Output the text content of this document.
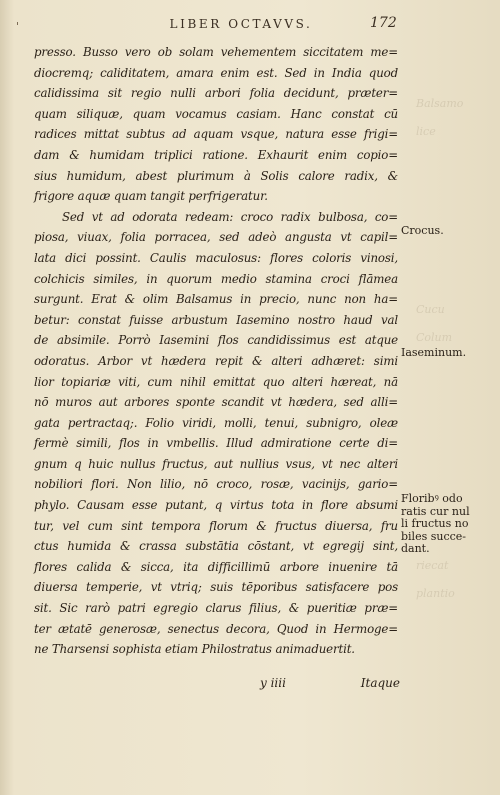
Balsamo
lice
Cucu
Colum
riecat
plantio
'	LIBER OCTAVVS.	172
presso. Busso vero ob solam vehementem siccitatem me=
diocremq; caliditatem, amara enim est. Sed in India quod
calidissima sit regio nulli arbori folia decidunt, præter=
quam siliquæ, quam vocamus casiam. Hanc constat cū
radices mittat subtus ad aquam vsque, natura esse frigi=
dam & humidam triplici ratione. Exhaurit enim copio=
sius humidum, abest plurimum à Solis calore radix, &
frigore aquæ quam tangit perfrigeratur.
Sed vt ad odorata redeam: croco radix bulbosa, co=
piosa, viuax, folia porracea, sed adeò angusta vt capil=
lata dici possint. Caulis maculosus: flores coloris vinosi,
colchicis similes, in quorum medio stamina croci flāmea
surgunt. Erat & olim Balsamus in precio, nunc non ha=
betur: constat fuisse arbustum Iasemino nostro haud val
de absimile. Porrò Iasemini flos candidissimus est atque
odoratus. Arbor vt hædera repit & alteri adhæret: simi
lior topiariæ viti, cum nihil emittat quo alteri hæreat, nā
nō muros aut arbores sponte scandit vt hædera, sed alli=
gata pertractaq;. Folio viridi, molli, tenui, subnigro, oleæ
fermè simili, flos in vmbellis. Illud admiratione certe di=
gnum q huic nullus fructus, aut nullius vsus, vt nec alteri
nobiliori flori. Non lilio, nō croco, rosæ, vacinijs, gario=
phylo. Causam esse putant, q virtus tota in flore absumi
tur, vel cum sint tempora florum & fructus diuersa, fru
ctus humida & crassa substātia cōstant, vt egregij sint,
flores calida & sicca, ita difficillimū arbore inuenire tā
diuersa temperie, vt vtriq; suis tēporibus satisfacere pos
sit. Sic rarò patri egregio clarus filius, & pueritiæ præ=
ter ætatē generosæ, senectus decora, Quod in Hermoge=
ne Tharsensi sophista etiam Philostratus animaduertit.
Crocus.
Iaseminum.
Floribꝰ odo
ratis cur nul
li fructus no
biles succe-
dant.
y iiii	Itaque
